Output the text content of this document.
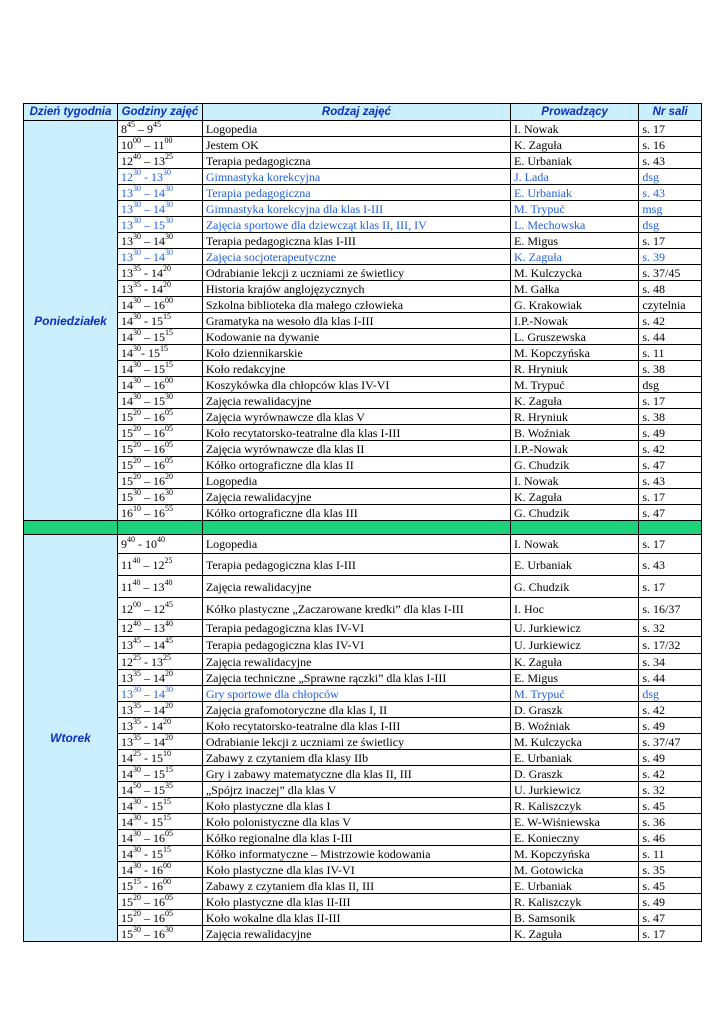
Dzień tygodnia	Godziny zajęć	Rodzaj zajęć	Prowadzący	Nr sali
Poniedziałek	$8^{45} - 9^{45}$	Logopedia	I. Nowak	s. 17
	$10^{00} - 11^{00}$	Jestem OK	K. Zaguła	s. 16
	$12^{40} - 13^{25}$	Terapia pedagogiczna	E. Urbaniak	s. 43
	$12^{30} - 13^{30}$	Gimnastyka korekcyjna	J. Lada	dsg
	$13^{30} - 14^{30}$	Terapia pedagogiczna	E. Urbaniak	s. 43
	$13^{30} - 14^{30}$	Gimnastyka korekcyjna dla klas I-III	M. Trypuć	msg
	$13^{30} - 15^{30}$	Zajęcia sportowe dla dziewcząt klas II, III, IV	L. Mechowska	dsg
	$13^{30} - 14^{30}$	Terapia pedagogiczna klas I-III	E. Migus	s. 17
	$13^{30} - 14^{30}$	Zajęcia socjoterapeutyczne	K. Zaguła	s. 39
	$13^{35} - 14^{20}$	Odrabianie lekcji z uczniami ze świetlicy	M. Kulczycka	s. 37/45
	$13^{35} - 14^{20}$	Historia krajów anglojęzycznych	M. Gałka	s. 48
	$14^{30} - 16^{00}$	Szkolna biblioteka dla małego człowieka	G. Krakowiak	czytelnia
	$14^{30} - 15^{15}$	Gramatyka na wesoło dla klas I-III	I.P.-Nowak	s. 42
	$14^{30} - 15^{15}$	Kodowanie na dywanie	L. Gruszewska	s. 44
	$14^{30}-$ $15^{15}$	Koło dziennikarskie	M. Kopczyńska	s. 11
	$14^{30} - 15^{15}$	Koło redakcyjne	R. Hryniuk	s. 38
	$14^{30} - 16^{00}$	Koszykówka dla chłopców klas IV-VI	M. Trypuć	dsg
	$14^{30} - 15^{30}$	Zajęcia rewalidacyjne	K. Zaguła	s. 17
	$15^{20} - 16^{05}$	Zajęcia wyrównawcze dla klas V	R. Hryniuk	s. 38
	$15^{20} - 16^{05}$	Koło recytatorsko-teatralne dla klas I-III	B. Woźniak	s. 49
	$15^{20} - 16^{05}$	Zajęcia wyrównawcze dla klas II	I.P.-Nowak	s. 42
	$15^{20} - 16^{05}$	Kółko ortograficzne dla klas II	G. Chudzik	s. 47
	$15^{20} - 16^{20}$	Logopedia	I. Nowak	s. 43
	$15^{30} - 16^{30}$	Zajęcia rewalidacyjne	K. Zaguła	s. 17
	$16^{10} - 16^{55}$	Kółko ortograficzne dla klas III	G. Chudzik	s. 47

Wtorek	$9^{40} - 10^{40}$	Logopedia	I. Nowak	s. 17
	$11^{40} - 12^{25}$	Terapia pedagogiczna klas I-III	E. Urbaniak	s. 43
	$11^{40} - 13^{40}$	Zajęcia rewalidacyjne	G. Chudzik	s. 17
	$12^{00} - 12^{45}$	Kółko plastyczne „Zaczarowane kredki” dla klas I-III	I. Hoc	s. 16/37
	$12^{40} - 13^{40}$	Terapia pedagogiczna klas IV-VI	U. Jurkiewicz	s. 32
	$13^{45} - 14^{45}$	Terapia pedagogiczna klas IV-VI	U. Jurkiewicz	s. 17/32
	$12^{25} - 13^{25}$	Zajęcia rewalidacyjne	K. Zaguła	s. 34
	$13^{35} - 14^{20}$	Zajęcia techniczne „Sprawne rączki” dla klas I-III	E. Migus	s. 44
	$13^{30} - 14^{30}$	Gry sportowe dla chłopców	M. Trypuć	dsg
	$13^{35} - 14^{20}$	Zajęcia grafomotoryczne dla klas I, II	D. Graszk	s. 42
	$13^{35} - 14^{20}$	Koło recytatorsko-teatralne dla klas I-III	B. Woźniak	s. 49
	$13^{35} - 14^{20}$	Odrabianie lekcji z uczniami ze świetlicy	M. Kulczycka	s. 37/47
	$14^{25} - 15^{10}$	Zabawy z czytaniem dla klasy IIb	E. Urbaniak	s. 49
	$14^{30} - 15^{15}$	Gry i zabawy matematyczne dla klas II, III	D. Graszk	s. 42
	$14^{50} - 15^{35}$	„Spójrz inaczej” dla klas V	U. Jurkiewicz	s. 32
	$14^{30} - 15^{15}$	Koło plastyczne dla klas I	R. Kaliszczyk	s. 45
	$14^{30} - 15^{15}$	Koło polonistyczne dla klas V	E. W-Wiśniewska	s. 36
	$14^{30} - 16^{05}$	Kółko regionalne dla klas I-III	E. Konieczny	s. 46
	$14^{30} - 15^{15}$	Kółko informatyczne – Mistrzowie kodowania	M. Kopczyńska	s. 11
	$14^{30} - 16^{00}$	Koło plastyczne dla klas IV-VI	M. Gotowicka	s. 35
	$15^{15} - 16^{00}$	Zabawy z czytaniem dla klas II, III	E. Urbaniak	s. 45
	$15^{20} - 16^{05}$	Koło plastyczne dla klas II-III	R. Kaliszczyk	s. 49
	$15^{20} - 16^{05}$	Koło wokalne dla klas II-III	B. Samsonik	s. 47
	$15^{30} - 16^{30}$	Zajęcia rewalidacyjne	K. Zaguła	s. 17
